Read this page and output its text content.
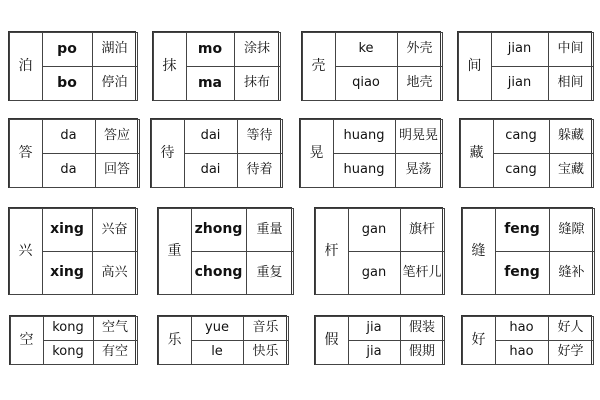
泊
po	湖泊
bo	停泊
抹
mo	涂抹
ma	抹布
壳
ke	外壳
qiao	地壳
间
jian	中间
jian	相间
答
da	答应
da	回答
待
dai	等待
dai	待着
晃
huang	明晃晃
huang	晃荡
藏
cang	躲藏
cang	宝藏
兴
xing	兴奋
xing	高兴
重
zhong	重量
chong	重复
杆
gan	旗杆
gan	笔杆儿
缝
feng	缝隙
feng	缝补
空
kong	空气
kong	有空
乐
yue	音乐
le	快乐
假
jia	假装
jia	假期
好
hao	好人
hao	好学
